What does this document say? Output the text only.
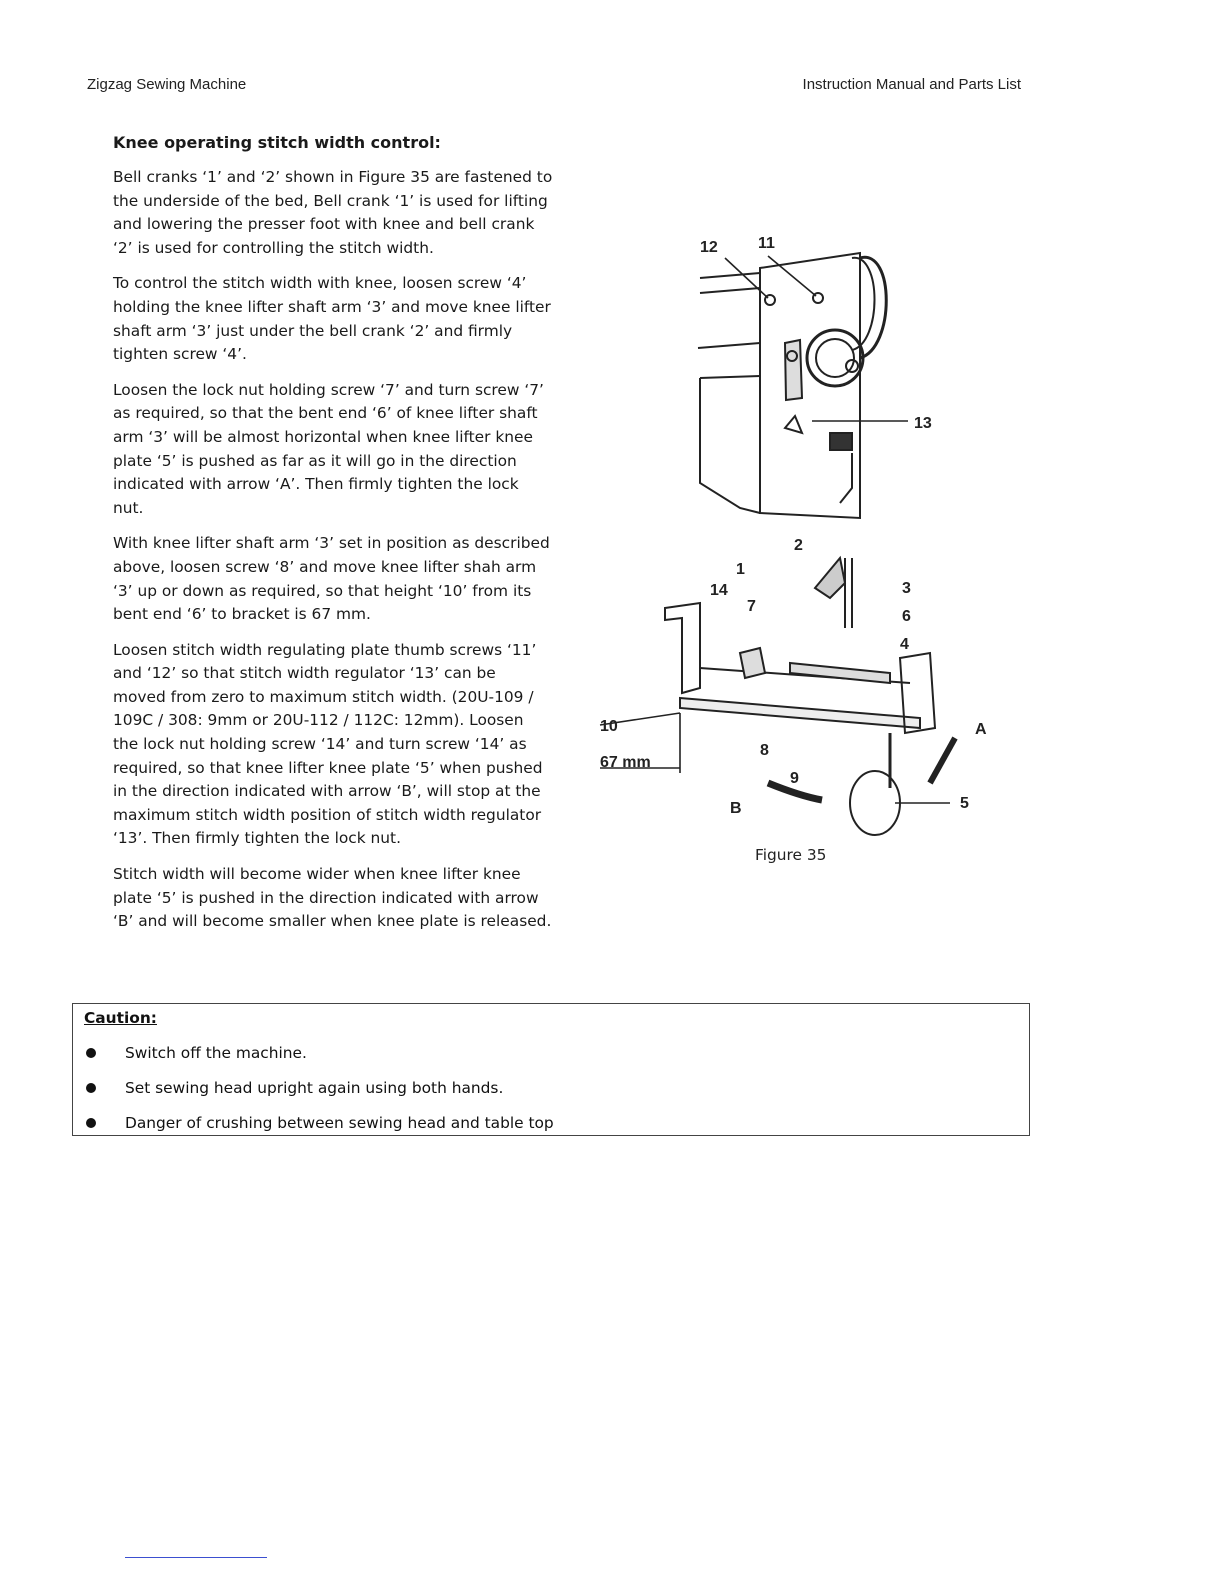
Zigzag Sewing Machine	Instruction Manual and Parts List
Knee operating stitch width control:

Bell cranks ‘1’ and ‘2’ shown in Figure 35 are fastened to the underside of the bed, Bell crank ‘1’ is used for lifting and lowering the presser foot with knee and bell crank ‘2’ is used for controlling the stitch width.

To control the stitch width with knee, loosen screw ‘4’ holding the knee lifter shaft arm ‘3’ and move knee lifter shaft arm ‘3’ just under the bell crank ‘2’ and firmly tighten screw ‘4’.

Loosen the lock nut holding screw ‘7’ and turn screw ‘7’ as required, so that the bent end ‘6’ of knee lifter shaft arm ‘3’ will be almost horizontal when knee lifter knee plate ‘5’ is pushed as far as it will go in the direction indicated with arrow ‘A’. Then firmly tighten the lock nut.

With knee lifter shaft arm ‘3’ set in position as described above, loosen screw ‘8’ and move knee lifter shah arm ‘3’ up or down as required, so that height ‘10’ from its bent end ‘6’ to bracket is 67 mm.

Loosen stitch width regulating plate thumb screws ‘11’ and ‘12’ so that stitch width regulator ‘13’ can be moved from zero to maximum stitch width. (20U-109 / 109C / 308: 9mm or 20U-112 / 112C: 12mm). Loosen the lock nut holding screw ‘14’ and turn screw ‘14’ as required, so that knee lifter knee plate ‘5’ when pushed in the direction indicated with arrow ‘B’, will stop at the maximum stitch width position of stitch width regulator ‘13’. Then firmly tighten the lock nut.

Stitch width will become wider when knee lifter knee plate ‘5’ is pushed in the direction indicated with arrow ‘B’ and will become smaller when knee plate is released.

12	11
13
2
1
14
7
3
6
4
10	A
8
67 mm
9
B	5
Figure 35
Caution:
Switch off the machine.
Set sewing head upright again using both hands.
Danger of crushing between sewing head and table top
